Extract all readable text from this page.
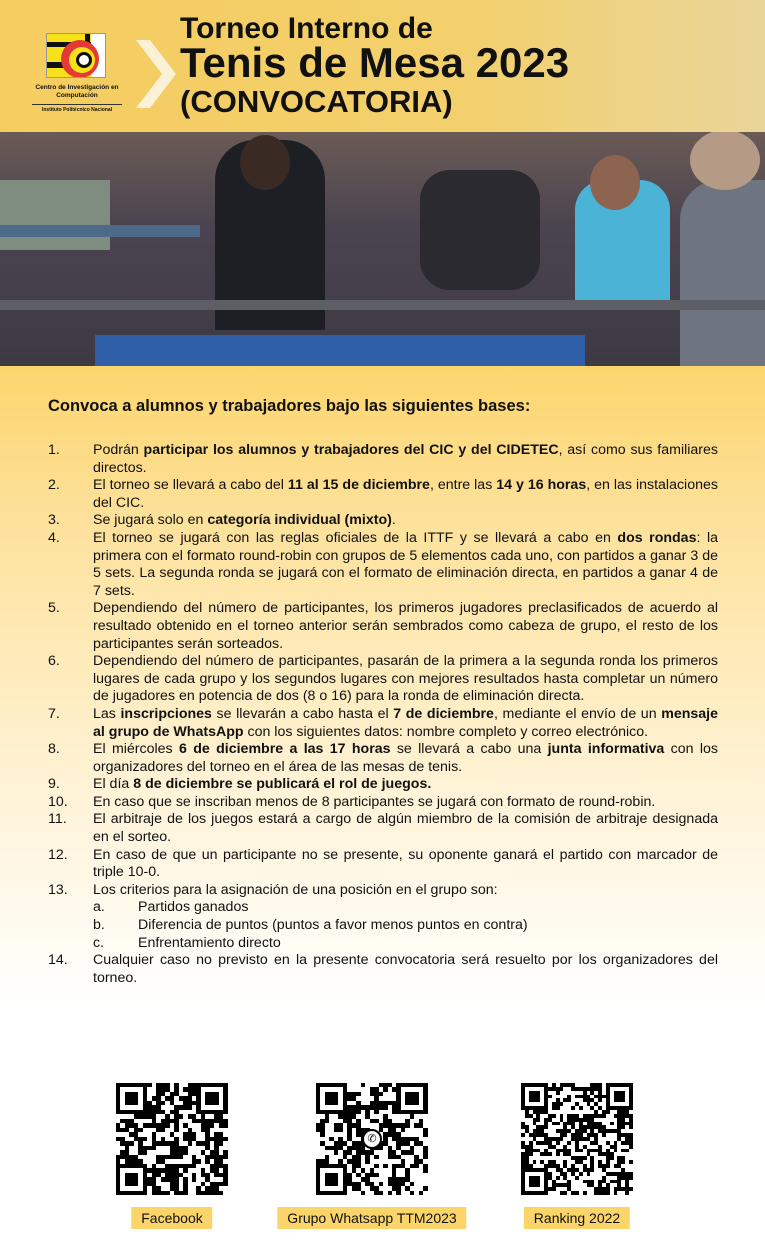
Centro de Investigación en Computación
Instituto Politécnico Nacional
Torneo Interno de
Tenis de Mesa 2023
(CONVOCATORIA)
Convoca a alumnos y trabajadores bajo las siguientes bases:
1.	Podrán participar los alumnos y trabajadores del CIC y del CIDETEC, así como sus familiares directos.
2.	El torneo se llevará a cabo del 11 al 15 de diciembre, entre las 14 y 16 horas, en las instalaciones del CIC.
3.	Se jugará solo en categoría individual (mixto).
4.	El torneo se jugará con las reglas oficiales de la ITTF y se llevará a cabo en dos rondas: la primera con el formato round-robin con grupos de 5 elementos cada uno, con partidos a ganar 3 de 5 sets. La segunda ronda se jugará con el formato de eliminación directa, en partidos a ganar 4 de 7 sets.
5.	Dependiendo del número de participantes, los primeros jugadores preclasificados de acuerdo al resultado obtenido en el torneo anterior serán sembrados como cabeza de grupo, el resto de los participantes serán sorteados.
6.	Dependiendo del número de participantes, pasarán de la primera a la segunda ronda los primeros lugares de cada grupo y los segundos lugares con mejores resultados hasta completar un número de jugadores en potencia de dos (8 o 16) para la ronda de eliminación directa.
7.	Las inscripciones se llevarán a cabo hasta el 7 de diciembre, mediante el envío de un mensaje al grupo de WhatsApp con los siguientes datos: nombre completo y correo electrónico.
8.	El miércoles 6 de diciembre a las 17 horas se llevará a cabo una junta informativa con los organizadores del torneo en el área de las mesas de tenis.
9.	El día 8 de diciembre se publicará el rol de juegos.
10.	En caso que se inscriban menos de 8 participantes se jugará con formato de round-robin.
11.	El arbitraje de los juegos estará a cargo de algún miembro de la comisión de arbitraje designada en el sorteo.
12.	En caso de que un participante no se presente, su oponente ganará el partido con marcador de triple 10-0.
13.	Los criterios para la asignación de una posición en el grupo son:
a.	Partidos ganados
b.	Diferencia de puntos (puntos a favor menos puntos en contra)
c.	Enfrentamiento directo
14.	Cualquier caso no previsto en la presente convocatoria será resuelto por los organizadores del torneo.
Facebook
✆
Grupo Whatsapp TTM2023	Ranking 2022
